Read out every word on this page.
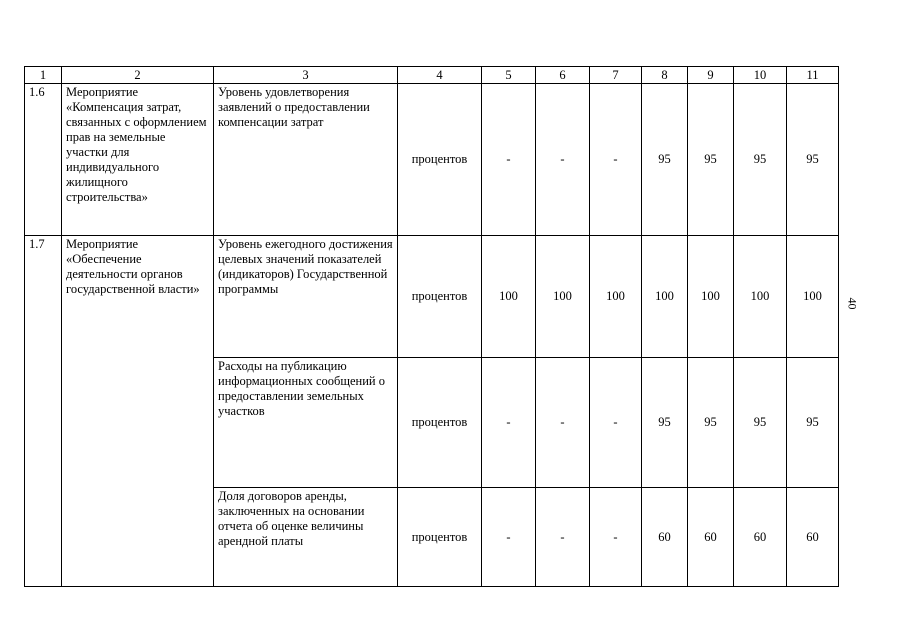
1	2	3	4	5	6	7	8	9	10	11
1.6	Мероприятие «Компенсация затрат, связанных с оформлением прав на земельные участки для индивидуального жилищного строительства»	Уровень удовлетворения заявлений о предоставлении компенсации затрат	процентов	-	-	-	95	95	95	95
1.7	Мероприятие «Обеспечение деятельности органов государственной власти»	Уровень ежегодного достижения целевых значений показателей (индикаторов) Государственной программы	процентов	100	100	100	100	100	100	100
		Расходы на публикацию информационных сообщений о предоставлении земельных участков	процентов	-	-	-	95	95	95	95
		Доля договоров аренды, заключенных на основании отчета об оценке величины арендной платы	процентов	-	-	-	60	60	60	60
40
